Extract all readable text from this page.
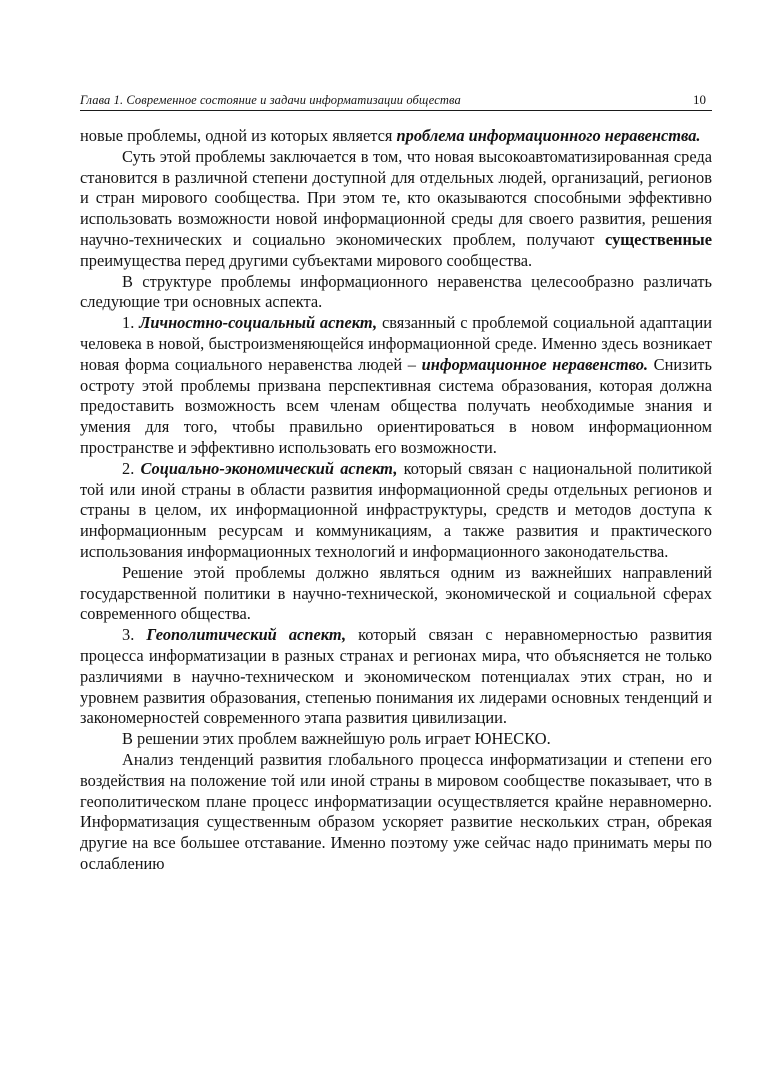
Глава 1. Современное состояние и задачи информатизации общества	10

новые проблемы, одной из которых является проблема информационного неравенства.

Суть этой проблемы заключается в том, что новая высокоавтоматизированная среда становится в различной степени доступной для отдельных людей, организаций, регионов и стран мирового сообщества. При этом те, кто оказываются способными эффективно использовать возможности новой информационной среды для своего развития, решения научно-технических и социально экономических проблем, получают существенные преимущества перед другими субъектами мирового сообщества.

В структуре проблемы информационного неравенства целесообразно различать следующие три основных аспекта.

1. Личностно-социальный аспект, связанный с проблемой социальной адаптации человека в новой, быстроизменяющейся информационной среде. Именно здесь возникает новая форма социального неравенства людей – информационное неравенство. Снизить остроту этой проблемы призвана перспективная система образования, которая должна предоставить возможность всем членам общества получать необходимые знания и умения для того, чтобы правильно ориентироваться в новом информационном пространстве и эффективно использовать его возможности.

2. Социально-экономический аспект, который связан с национальной политикой той или иной страны в области развития информационной среды отдельных регионов и страны в целом, их информационной инфраструктуры, средств и методов доступа к информационным ресурсам и коммуникациям, а также развития и практического использования информационных технологий и информационного законодательства.

Решение этой проблемы должно являться одним из важнейших направлений государственной политики в научно-технической, экономической и социальной сферах современного общества.

3. Геополитический аспект, который связан с неравномерностью развития процесса информатизации в разных странах и регионах мира, что объясняется не только различиями в научно-техническом и экономическом потенциалах этих стран, но и уровнем развития образования, степенью понимания их лидерами основных тенденций и закономерностей современного этапа развития цивилизации.

В решении этих проблем важнейшую роль играет ЮНЕСКО.

Анализ тенденций развития глобального процесса информатизации и степени его воздействия на положение той или иной страны в мировом сообществе показывает, что в геополитическом плане процесс информатизации осуществляется крайне неравномерно. Информатизация существенным образом ускоряет развитие нескольких стран, обрекая другие на все большее отставание. Именно поэтому уже сейчас надо принимать меры по ослаблению
